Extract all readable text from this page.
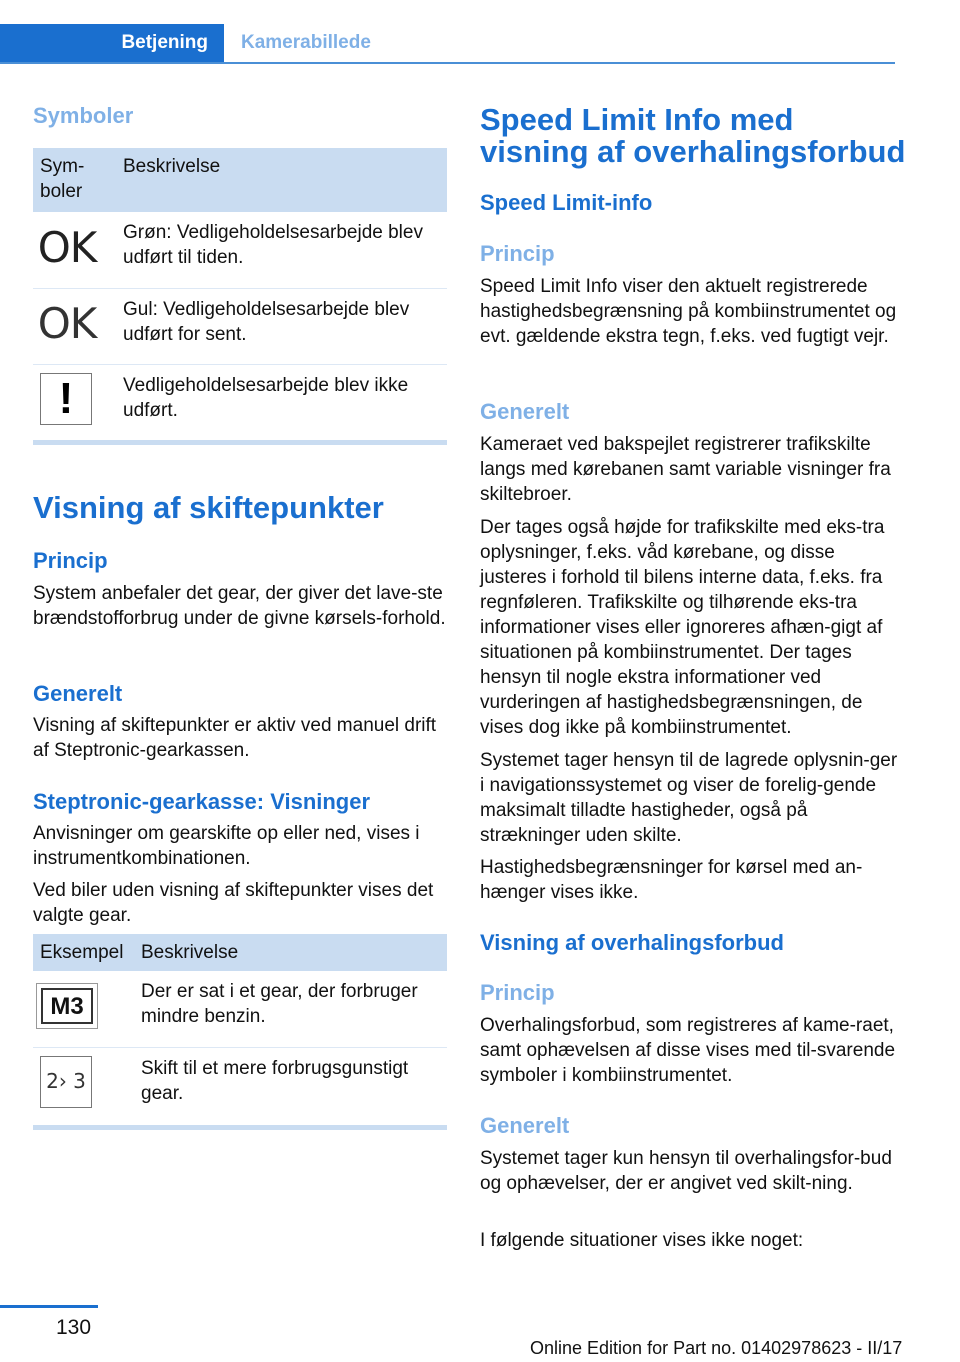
Betjening	Kamerabillede
Symboler
Sym-
boler	Beskrivelse

OK	Grøn: Vedligeholdelsesarbejde blev udført til tiden.

OK	Gul: Vedligeholdelsesarbejde blev udført for sent.

!	Vedligeholdelsesarbejde blev ikke udført.
Visning af skiftepunkter
Princip
System anbefaler det gear, der giver det lave-ste brændstofforbrug under de givne kørsels-forhold.
Generelt
Visning af skiftepunkter er aktiv ved manuel drift af Steptronic-gearkassen.
Steptronic-gearkasse: Visninger
Anvisninger om gearskifte op eller ned, vises i instrumentkombinationen.
Ved biler uden visning af skiftepunkter vises det valgte gear.
Eksempel	Beskrivelse

M3	Der er sat i et gear, der forbruger mindre benzin.

2› 3	Skift til et mere forbrugsgunstigt gear.
Speed Limit Info med visning af overhalingsforbud
Speed Limit-info
Princip
Speed Limit Info viser den aktuelt registrerede hastighedsbegrænsning på kombiinstrumentet og evt. gældende ekstra tegn, f.eks. ved fugtigt vejr.
Generelt
Kameraet ved bakspejlet registrerer trafikskilte langs med kørebanen samt variable visninger fra skiltebroer.
Der tages også højde for trafikskilte med eks-tra oplysninger, f.eks. våd kørebane, og disse justeres i forhold til bilens interne data, f.eks. fra regnføleren. Trafikskilte og tilhørende eks-tra informationer vises eller ignoreres afhæn-gigt af situationen på kombiinstrumentet. Der tages hensyn til nogle ekstra informationer ved vurderingen af hastighedsbegrænsningen, de vises dog ikke på kombiinstrumentet.
Systemet tager hensyn til de lagrede oplysnin-ger i navigationssystemet og viser de forelig-gende maksimalt tilladte hastigheder, også på strækninger uden skilte.
Hastighedsbegrænsninger for kørsel med an-hænger vises ikke.
Visning af overhalingsforbud
Princip
Overhalingsforbud, som registreres af kame-raet, samt ophævelsen af disse vises med til-svarende symboler i kombiinstrumentet.
Generelt
Systemet tager kun hensyn til overhalingsfor-bud og ophævelser, der er angivet ved skilt-ning.
I følgende situationer vises ikke noget:
130
Online Edition for Part no. 01402978623 - II/17
